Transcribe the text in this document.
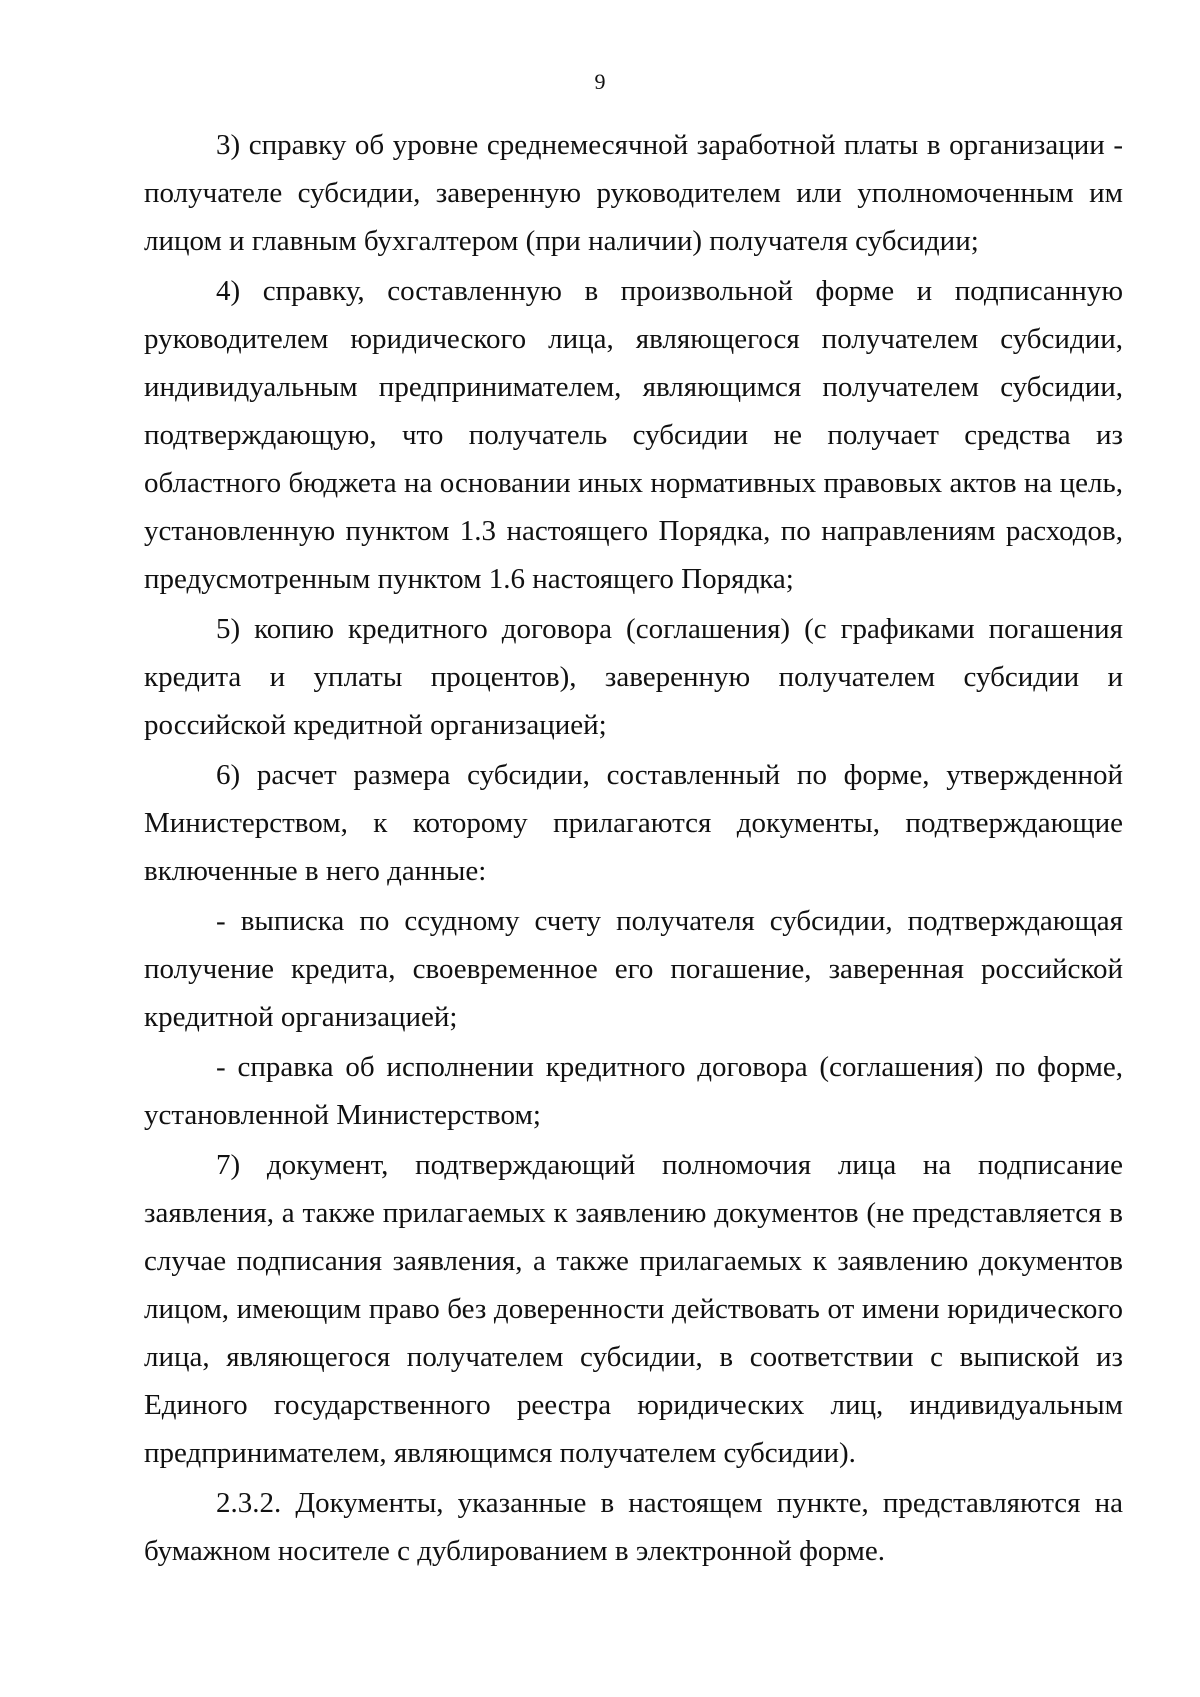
9

3) справку об уровне среднемесячной заработной платы в организации - получателе субсидии, заверенную руководителем или уполномоченным им лицом и главным бухгалтером (при наличии) получателя субсидии;

4) справку, составленную в произвольной форме и подписанную руководителем юридического лица, являющегося получателем субсидии, индивидуальным предпринимателем, являющимся получателем субсидии, подтверждающую, что получатель субсидии не получает средства из областного бюджета на основании иных нормативных правовых актов на цель, установленную пунктом 1.3 настоящего Порядка, по направлениям расходов, предусмотренным пунктом 1.6 настоящего Порядка;

5) копию кредитного договора (соглашения) (с графиками погашения кредита и уплаты процентов), заверенную получателем субсидии и российской кредитной организацией;

6) расчет размера субсидии, составленный по форме, утвержденной Министерством, к которому прилагаются документы, подтверждающие включенные в него данные:

- выписка по ссудному счету получателя субсидии, подтверждающая получение кредита, своевременное его погашение, заверенная российской кредитной организацией;

- справка об исполнении кредитного договора (соглашения) по форме, установленной Министерством;

7) документ, подтверждающий полномочия лица на подписание заявления, а также прилагаемых к заявлению документов (не представляется в случае подписания заявления, а также прилагаемых к заявлению документов лицом, имеющим право без доверенности действовать от имени юридического лица, являющегося получателем субсидии, в соответствии с выпиской из Единого государственного реестра юридических лиц, индивидуальным предпринимателем, являющимся получателем субсидии).

2.3.2. Документы, указанные в настоящем пункте, представляются на бумажном носителе с дублированием в электронной форме.
